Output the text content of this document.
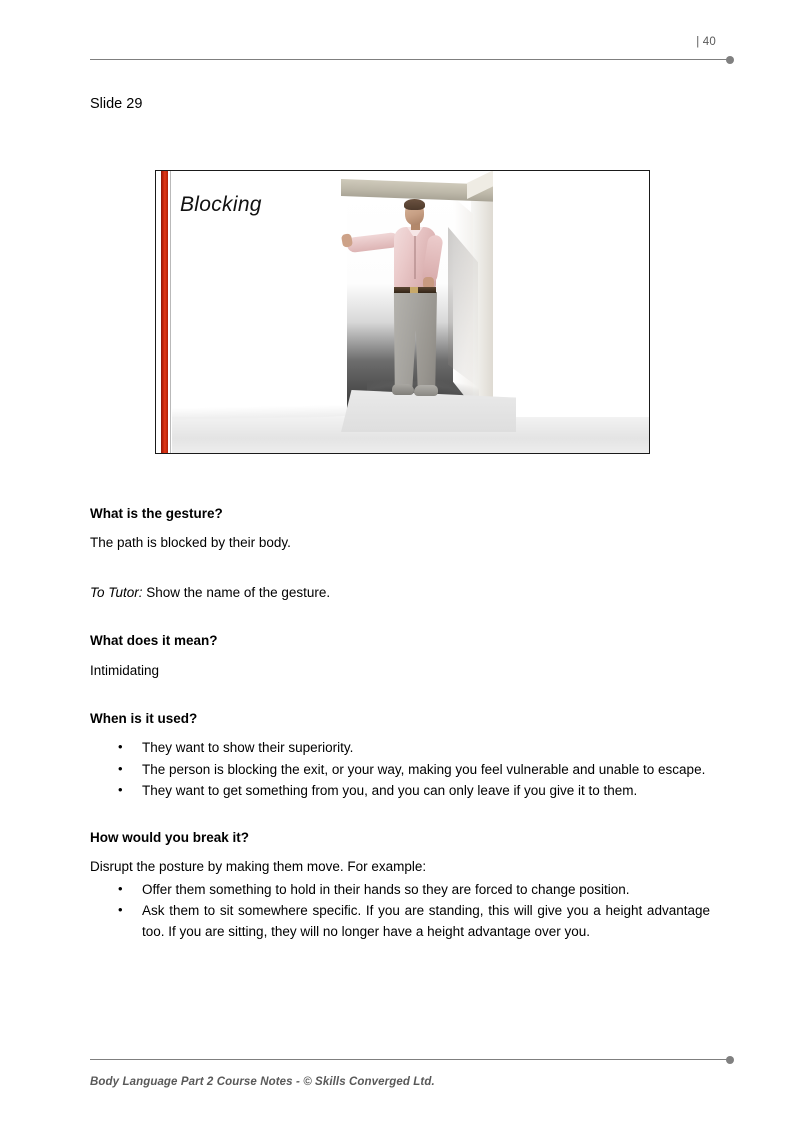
| 40
Slide 29
Blocking
What is the gesture?

The path is blocked by their body.

To Tutor: Show the name of the gesture.

What does it mean?

Intimidating

When is it used?
• They want to show their superiority.
• The person is blocking the exit, or your way, making you feel vulnerable and unable to escape.
• They want to get something from you, and you can only leave if you give it to them.
How would you break it?

Disrupt the posture by making them move. For example:

• Offer them something to hold in their hands so they are forced to change position.
• Ask them to sit somewhere specific. If you are standing, this will give you a height advantage too. If you are sitting, they will no longer have a height advantage over you.
Body Language Part 2 Course Notes - © Skills Converged Ltd.
